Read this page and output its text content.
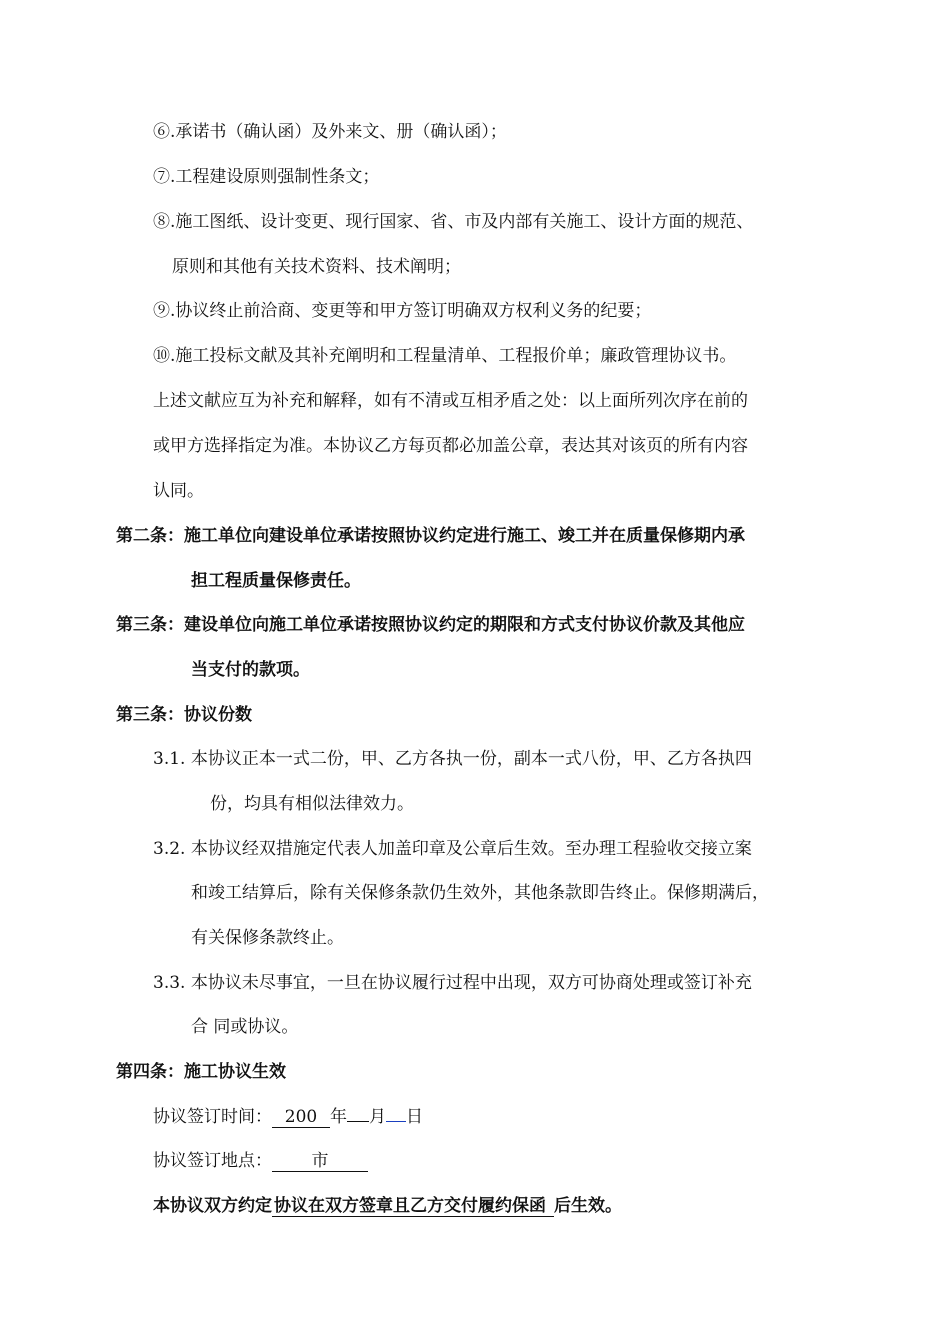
⑥.承诺书（确认函）及外来文、册（确认函）；
⑦.工程建设原则强制性条文；
⑧.施工图纸、设计变更、现行国家、省、市及内部有关施工、设计方面的规范、
原则和其他有关技术资料、技术阐明；
⑨.协议终止前洽商、变更等和甲方签订明确双方权利义务的纪要；
⑩.施工投标文献及其补充阐明和工程量清单、工程报价单；廉政管理协议书。
上述文献应互为补充和解释，如有不清或互相矛盾之处：以上面所列次序在前的
或甲方选择指定为准。本协议乙方每页都必加盖公章，表达其对该页的所有内容
认同。
第二条：施工单位向建设单位承诺按照协议约定进行施工、竣工并在质量保修期内承
担工程质量保修责任。
第三条：建设单位向施工单位承诺按照协议约定的期限和方式支付协议价款及其他应
当支付的款项。
第三条：协议份数
3.1. 本协议正本一式二份，甲、乙方各执一份，副本一式八份，甲、乙方各执四
份，均具有相似法律效力。
3.2. 本协议经双措施定代表人加盖印章及公章后生效。至办理工程验收交接立案
和竣工结算后，除有关保修条款仍生效外，其他条款即告终止。保修期满后，
有关保修条款终止。
3.3. 本协议未尽事宜，一旦在协议履行过程中出现，双方可协商处理或签订补充
合 同或协议。
第四条：施工协议生效
协议签订时间： 200 年 月 日
协议签订地点： 市
本协议双方约定 协议在双方签章且乙方交付履约保函 后生效。
